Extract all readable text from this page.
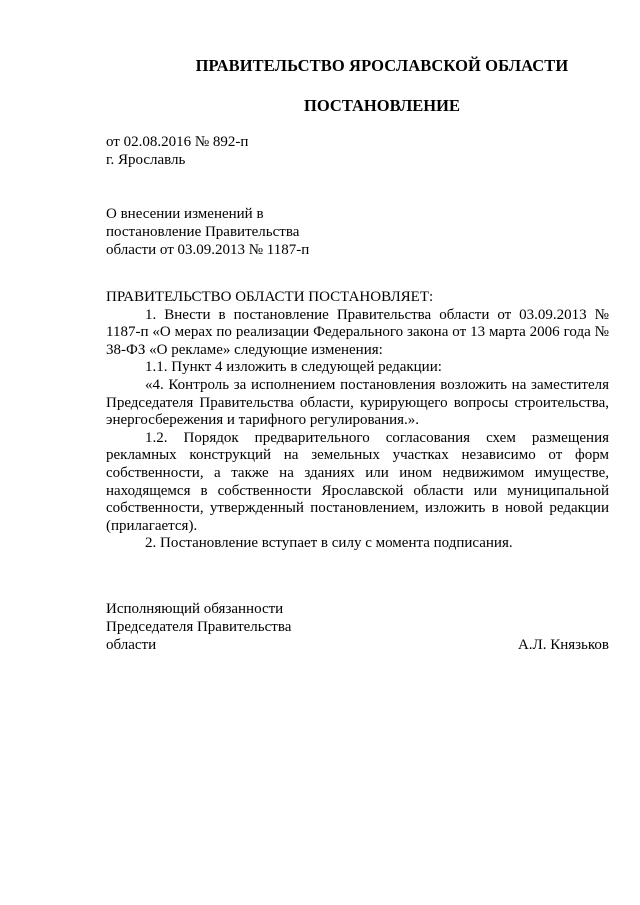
ПРАВИТЕЛЬСТВО ЯРОСЛАВСКОЙ ОБЛАСТИ
ПОСТАНОВЛЕНИЕ
от 02.08.2016 № 892-п
г. Ярославль
О внесении изменений в
постановление Правительства
области от 03.09.2013 № 1187-п

ПРАВИТЕЛЬСТВО ОБЛАСТИ ПОСТАНОВЛЯЕТ:

1. Внести в постановление Правительства области от 03.09.2013 № 1187-п «О мерах по реализации Федерального закона от 13 марта 2006 года № 38-ФЗ «О рекламе» следующие изменения:

1.1. Пункт 4 изложить в следующей редакции:

«4. Контроль за исполнением постановления возложить на заместителя Председателя Правительства области, курирующего вопросы строительства, энергосбережения и тарифного регулирования.».

1.2. Порядок предварительного согласования схем размещения рекламных конструкций на земельных участках независимо от форм собственности, а также на зданиях или ином недвижимом имуществе, находящемся в собственности Ярославской области или муниципальной собственности, утвержденный постановлением, изложить в новой редакции (прилагается).

2. Постановление вступает в силу с момента подписания.

Исполняющий обязанности
Председателя Правительства
области	А.Л. Князьков
